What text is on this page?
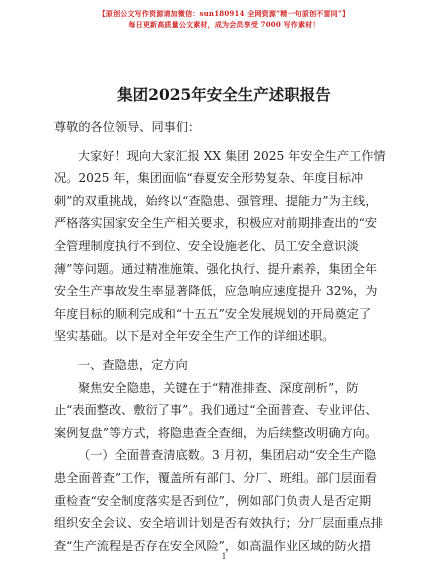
【原创公文写作资源请加微信：sun180914 全网资源“精一句原创不雷同”】
每日更新高质量公文素材，成为会员享受 7000 写作素材！
集团2025年安全生产述职报告
尊敬的各位领导、同事们：
大家好！现向大家汇报 XX 集团 2025 年安全生产工作情
况。2025 年，集团面临“春夏安全形势复杂、年度目标冲
刺”的双重挑战，始终以“查隐患、强管理、提能力”为主线，
严格落实国家安全生产相关要求，积极应对前期排查出的“安
全管理制度执行不到位、安全设施老化、员工安全意识淡
薄”等问题。通过精准施策、强化执行、提升素养，集团全年
安全生产事故发生率显著降低，应急响应速度提升 32%，为
年度目标的顺利完成和“十五五”安全发展规划的开局奠定了
坚实基础。以下是对全年安全生产工作的详细述职。
一、查隐患，定方向
聚焦安全隐患，关键在于“精准排查、深度剖析”，防
止“表面整改、敷衍了事”。我们通过“全面普查、专业评估、
案例复盘”等方式，将隐患查全查细，为后续整改明确方向。
（一）全面普查清底数。3 月初，集团启动“安全生产隐
患全面普查”工作，覆盖所有部门、分厂、班组。部门层面看
重检查“安全制度落实是否到位”，例如部门负责人是否定期
组织安全会议、安全培训计划是否有效执行；分厂层面重点排
查“生产流程是否存在安全风险”，如高温作业区域的防火措
1
